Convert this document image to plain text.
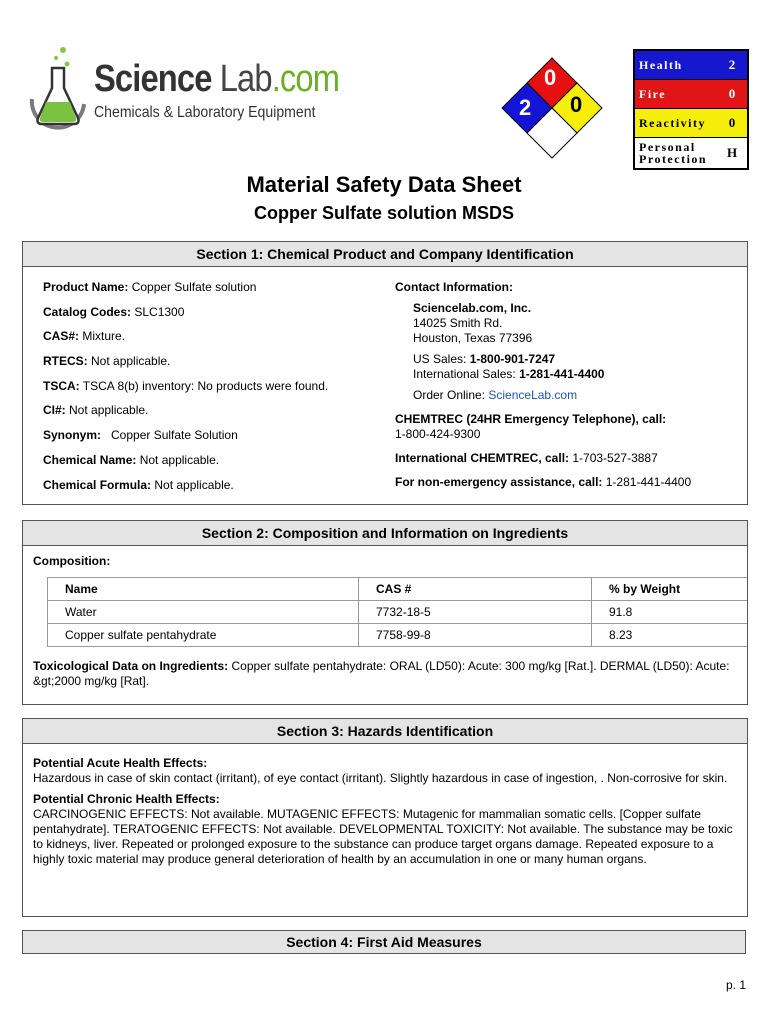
Science Lab.com
Chemicals & Laboratory Equipment
0
2 0
Health	2
Fire	0
Reactivity	0
Personal Protection	H
Material Safety Data Sheet
Copper Sulfate solution MSDS
Section 1: Chemical Product and Company Identification
Product Name: Copper Sulfate solution
Catalog Codes: SLC1300
CAS#: Mixture.
RTECS: Not applicable.
TSCA: TSCA 8(b) inventory: No products were found.
CI#: Not applicable.
Synonym:   Copper Sulfate Solution
Chemical Name: Not applicable.
Chemical Formula: Not applicable.
Contact Information:
Sciencelab.com, Inc.
14025 Smith Rd.
Houston, Texas 77396
US Sales: 1-800-901-7247
International Sales: 1-281-441-4400
Order Online: ScienceLab.com
CHEMTREC (24HR Emergency Telephone), call:
1-800-424-9300
International CHEMTREC, call: 1-703-527-3887
For non-emergency assistance, call: 1-281-441-4400
Section 2: Composition and Information on Ingredients
Composition:
Name	CAS #	% by Weight
Water	7732-18-5	91.8
Copper sulfate pentahydrate	7758-99-8	8.23
Toxicological Data on Ingredients: Copper sulfate pentahydrate: ORAL (LD50): Acute: 300 mg/kg [Rat.]. DERMAL (LD50): Acute: &gt;2000 mg/kg [Rat].
Section 3: Hazards Identification
Potential Acute Health Effects:
Hazardous in case of skin contact (irritant), of eye contact (irritant). Slightly hazardous in case of ingestion, . Non-corrosive for skin.
Potential Chronic Health Effects:
CARCINOGENIC EFFECTS: Not available. MUTAGENIC EFFECTS: Mutagenic for mammalian somatic cells. [Copper sulfate pentahydrate]. TERATOGENIC EFFECTS: Not available. DEVELOPMENTAL TOXICITY: Not available. The substance may be toxic to kidneys, liver. Repeated or prolonged exposure to the substance can produce target organs damage. Repeated exposure to a highly toxic material may produce general deterioration of health by an accumulation in one or many human organs.
Section 4: First Aid Measures
p. 1
